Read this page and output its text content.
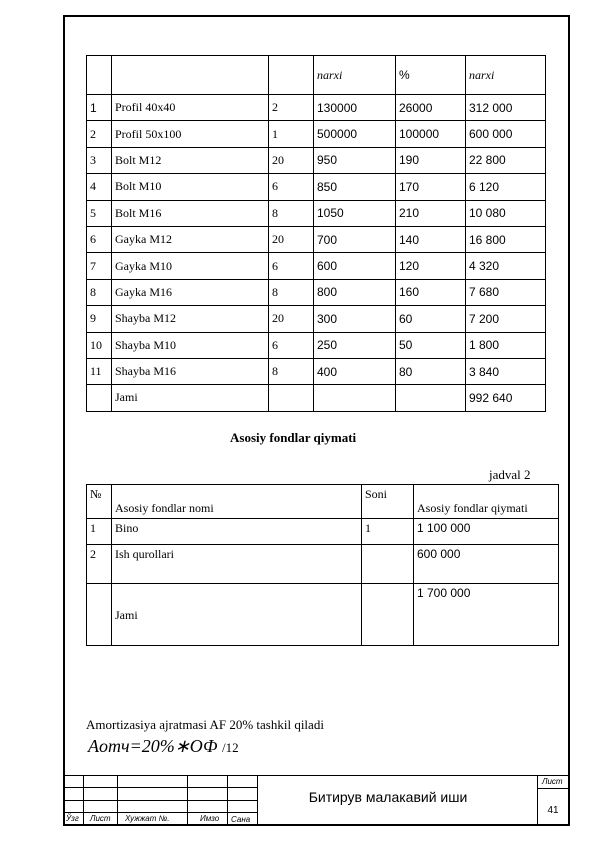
			narxi	%	narxi
1	Profil 40x40	2	130000	26000	312 000
2	Profil 50x100	1	500000	100000	600 000
3	Bolt M12	20	950	190	22 800
4	Bolt M10	6	850	170	6 120
5	Bolt M16	8	1050	210	10 080
6	Gayka M12	20	700	140	16 800
7	Gayka M10	6	600	120	4 320
8	Gayka M16	8	800	160	7 680
9	Shayba M12	20	300	60	7 200
10	Shayba M10	6	250	50	1 800
11	Shayba M16	8	400	80	3 840
	Jami				992 640
Asosiy fondlar qiymati
jadval 2
№	Asosiy fondlar nomi	Soni	Asosiy fondlar qiymati
1	Bino	1	1 100 000
2	Ish qurollari		600 000
	Jami		1 700 000
Amortizasiya ajratmasi AF 20% tashkil qiladi
Aотч=20%∗ОФ /12
Ўзг Лист Хужжат №.	Имзо Сана
Битирув малакавий иши
Лист
41
